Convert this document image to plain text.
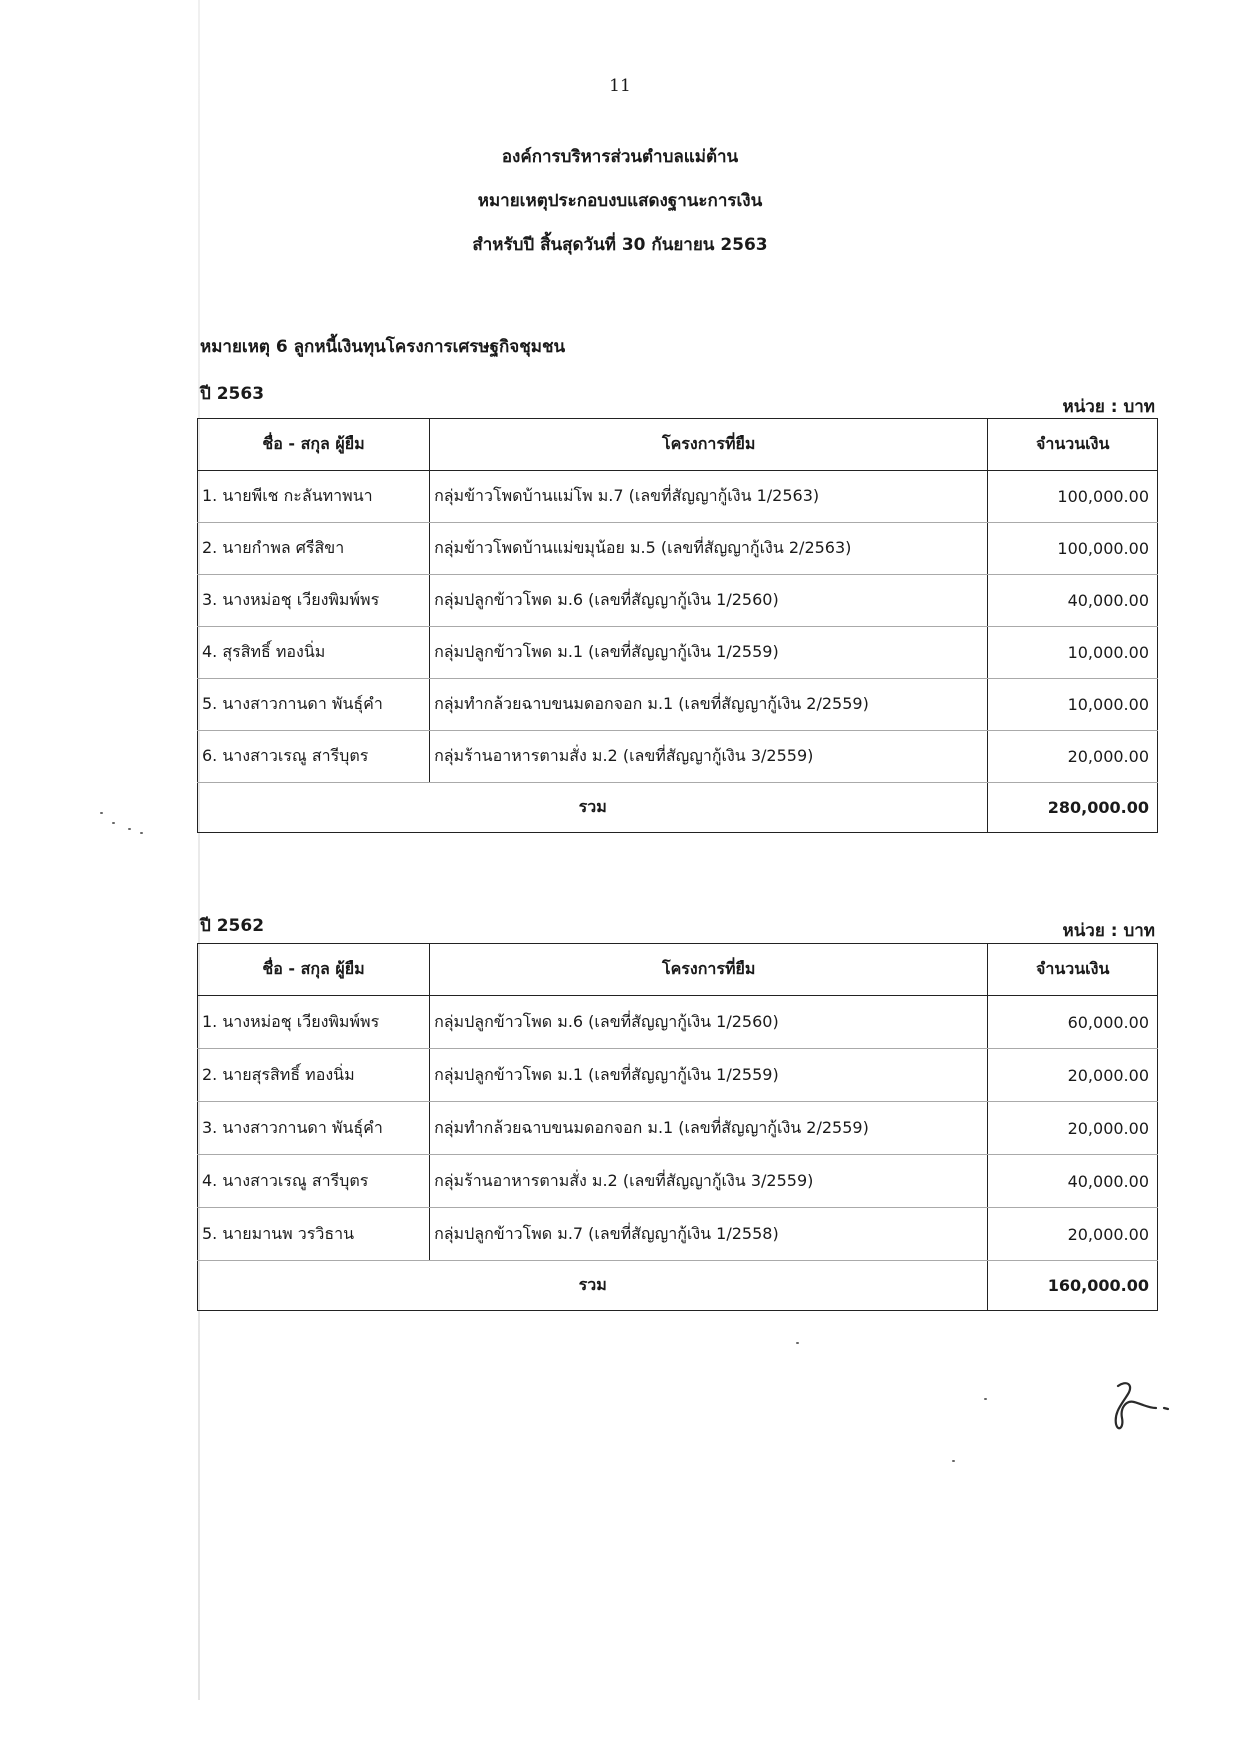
11
องค์การบริหารส่วนตำบลแม่ต้าน
หมายเหตุประกอบงบแสดงฐานะการเงิน
สำหรับปี สิ้นสุดวันที่ 30 กันยายน 2563
หมายเหตุ 6 ลูกหนี้เงินทุนโครงการเศรษฐกิจชุมชน
ปี 2563
หน่วย : บาท
ชื่อ - สกุล ผู้ยืม	โครงการที่ยืม	จำนวนเงิน
1. นายพีเช กะลันทาพนา	กลุ่มข้าวโพดบ้านแม่โพ ม.7 (เลขที่สัญญากู้เงิน 1/2563)	100,000.00
2. นายกำพล ศรีสิขา	กลุ่มข้าวโพดบ้านแม่ขมุน้อย ม.5 (เลขที่สัญญากู้เงิน 2/2563)	100,000.00
3. นางหม่อชุ เวียงพิมพ์พร	กลุ่มปลูกข้าวโพด ม.6 (เลขที่สัญญากู้เงิน 1/2560)	40,000.00
4. สุรสิทธิ์ ทองนิ่ม	กลุ่มปลูกข้าวโพด ม.1 (เลขที่สัญญากู้เงิน 1/2559)	10,000.00
5. นางสาวกานดา พันธุ์คำ	กลุ่มทำกล้วยฉาบขนมดอกจอก ม.1 (เลขที่สัญญากู้เงิน 2/2559)	10,000.00
6. นางสาวเรณู สารีบุตร	กลุ่มร้านอาหารตามสั่ง ม.2 (เลขที่สัญญากู้เงิน 3/2559)	20,000.00
รวม		280,000.00
ปี 2562	หน่วย : บาท
ชื่อ - สกุล ผู้ยืม	โครงการที่ยืม	จำนวนเงิน
1. นางหม่อชุ เวียงพิมพ์พร	กลุ่มปลูกข้าวโพด ม.6 (เลขที่สัญญากู้เงิน 1/2560)	60,000.00
2. นายสุรสิทธิ์ ทองนิ่ม	กลุ่มปลูกข้าวโพด ม.1 (เลขที่สัญญากู้เงิน 1/2559)	20,000.00
3. นางสาวกานดา พันธุ์คำ	กลุ่มทำกล้วยฉาบขนมดอกจอก ม.1 (เลขที่สัญญากู้เงิน 2/2559)	20,000.00
4. นางสาวเรณู สารีบุตร	กลุ่มร้านอาหารตามสั่ง ม.2 (เลขที่สัญญากู้เงิน 3/2559)	40,000.00
5. นายมานพ วรวิธาน	กลุ่มปลูกข้าวโพด ม.7 (เลขที่สัญญากู้เงิน 1/2558)	20,000.00
รวม		160,000.00
